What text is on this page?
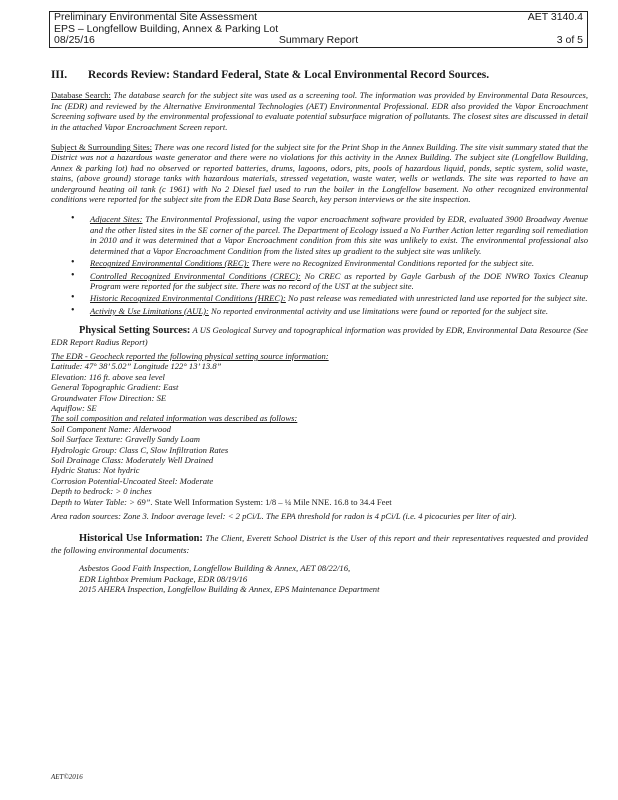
Preliminary Environmental Site Assessment	AET 3140.4
EPS – Longfellow Building, Annex & Parking Lot
08/25/16	Summary Report	3 of 5
III.	Records Review: Standard Federal, State & Local Environmental Record Sources.

Database Search: The database search for the subject site was used as a screening tool. The information was provided by Environmental Data Resources, Inc (EDR) and reviewed by the Alternative Environmental Technologies (AET) Environmental Professional. EDR also provided the Vapor Encroachment Screening software used by the environmental professional to evaluate potential subsurface migration of pollutants. The closest sites are discussed in detail in the attached Vapor Encroachment Screen report.

Subject & Surrounding Sites: There was one record listed for the subject site for the Print Shop in the Annex Building. The site visit summary stated that the District was not a hazardous waste generator and there were no violations for this activity in the Annex Building. The subject site (Longfellow Building, Annex & parking lot) had no observed or reported batteries, drums, lagoons, odors, pits, pools of hazardous liquid, ponds, septic system, solid waste, stains, (above ground) storage tanks with hazardous materials, stressed vegetation, waste water, wells or wetlands. The site was reported to have an underground heating oil tank (c 1961) with No 2 Diesel fuel used to run the boiler in the Longfellow basement. No other recognized environmental conditions were reported for the subject site from the EDR Data Base Search, key person interviews or the site inspection.

• Adjacent Sites: The Environmental Professional, using the vapor encroachment software provided by EDR, evaluated 3900 Broadway Avenue and the other listed sites in the SE corner of the parcel. The Department of Ecology issued a No Further Action letter regarding soil remediation in 2010 and it was determined that a Vapor Encroachment condition from this site was unlikely to exist. The environmental professional also determined that a Vapor Encroachment Condition from the listed sites up gradient to the subject site was unlikely.
• Recognized Environmental Conditions (REC): There were no Recognized Environmental Conditions reported for the subject site.
• Controlled Recognized Environmental Conditions (CREC): No CREC as reported by Gayle Garbush of the DOE NWRO Toxics Cleanup Program were reported for the subject site. There was no record of the UST at the subject site.
• Historic Recognized Environmental Conditions (HREC): No past release was remediated with unrestricted land use reported for the subject site.
• Activity & Use Limitations (AUL): No reported environmental activity and use limitations were found or reported for the subject site.

Physical Setting Sources: A US Geological Survey and topographical information was provided by EDR, Environmental Data Resource (See EDR Report Radius Report)

The EDR - Geocheck reported the following physical setting source information:
Latitude: 47° 38’ 5.02” Longitude 122° 13’ 13.8”
Elevation: 116 ft. above sea level
General Topographic Gradient: East
Groundwater Flow Direction: SE
Aquiflow: SE
The soil composition and related information was described as follows:
Soil Component Name: Alderwood
Soil Surface Texture: Gravelly Sandy Loam
Hydrologic Group: Class C, Slow Infiltration Rates
Soil Drainage Class: Moderately Well Drained
Hydric Status: Not hydric
Corrosion Potential-Uncoated Steel: Moderate
Depth to bedrock: > 0 inches
Depth to Water Table: > 69”. State Well Information System: 1/8 – ¼ Mile NNE. 16.8 to 34.4 Feet

Area radon sources: Zone 3. Indoor average level: < 2 pCi/L. The EPA threshold for radon is 4 pCi/L (i.e. 4 picocuries per liter of air).

Historical Use Information: The Client, Everett School District is the User of this report and their representatives requested and provided the following environmental documents:

Asbestos Good Faith Inspection, Longfellow Building & Annex, AET 08/22/16,
EDR Lightbox Premium Package, EDR 08/19/16
2015 AHERA Inspection, Longfellow Building & Annex, EPS Maintenance Department
AET©2016
